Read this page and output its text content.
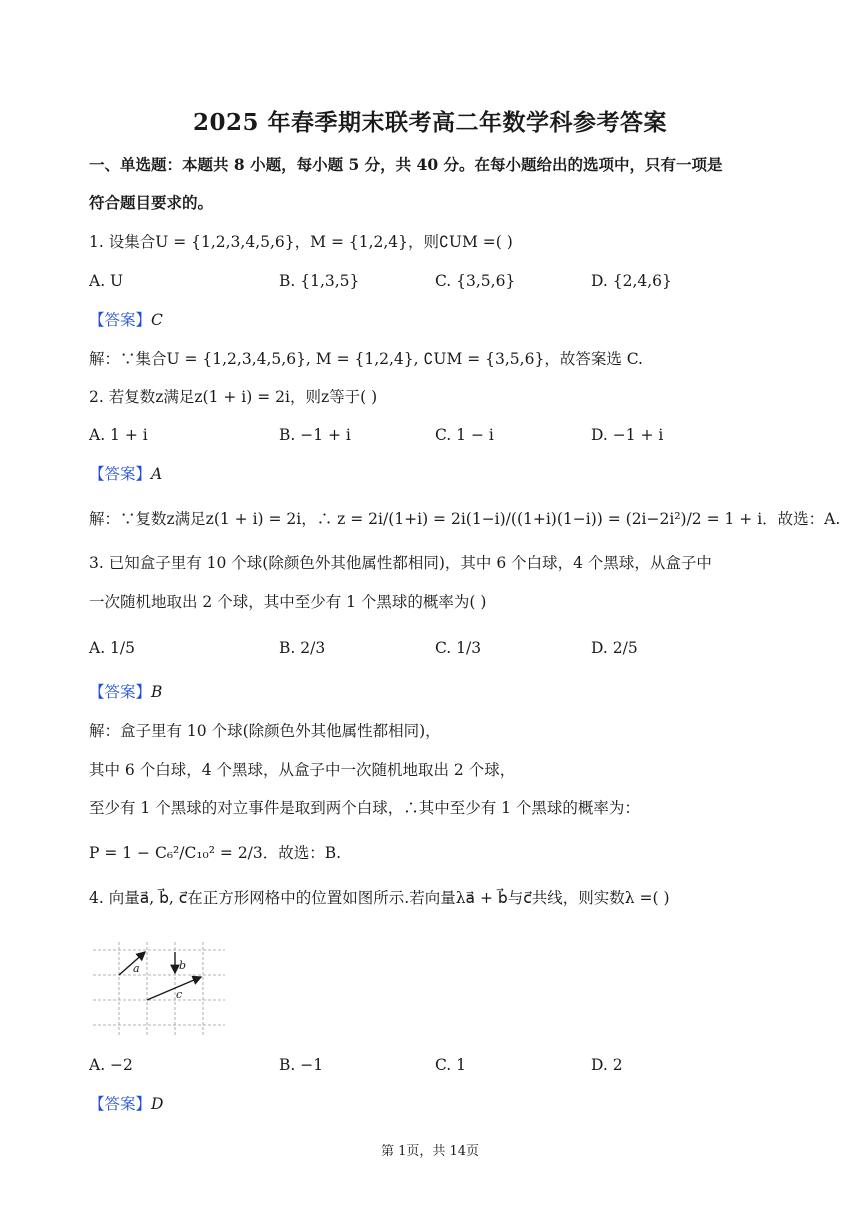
2025 年春季期末联考高二年数学科参考答案
一、单选题：本题共 8 小题，每小题 5 分，共 40 分。在每小题给出的选项中，只有一项是
符合题目要求的。
1. 设集合U = {1,2,3,4,5,6}，M = {1,2,4}，则∁UM =( )
A. U	B. {1,3,5}	C. {3,5,6}	D. {2,4,6}
【答案】C
解：∵集合U = {1,2,3,4,5,6}, M = {1,2,4}, ∁UM = {3,5,6}，故答案选 C.
2. 若复数z满足z(1 + i) = 2i，则z等于( )
A. 1 + i	B. −1 + i	C. 1 − i	D. −1 + i
【答案】A
解：∵复数z满足z(1 + i) = 2i，∴ z = 2i/(1+i) = 2i(1−i)/((1+i)(1−i)) = (2i−2i²)/2 = 1 + i．故选：A.
3. 已知盒子里有 10 个球(除颜色外其他属性都相同)，其中 6 个白球，4 个黑球，从盒子中
一次随机地取出 2 个球，其中至少有 1 个黑球的概率为( )
A. 1/5	B. 2/3	C. 1/3	D. 2/5
【答案】B
解：盒子里有 10 个球(除颜色外其他属性都相同)，
其中 6 个白球，4 个黑球，从盒子中一次随机地取出 2 个球，
至少有 1 个黑球的对立事件是取到两个白球，∴其中至少有 1 个黑球的概率为：
P = 1 − C₆²/C₁₀² = 2/3．故选：B.
4. 向量a⃗, b⃗, c⃗在正方形网格中的位置如图所示.若向量λa⃗ + b⃗与c⃗共线，则实数λ =( )
a	b
c
A. −2	B. −1	C. 1	D. 2
【答案】D
第 1页，共 14页
